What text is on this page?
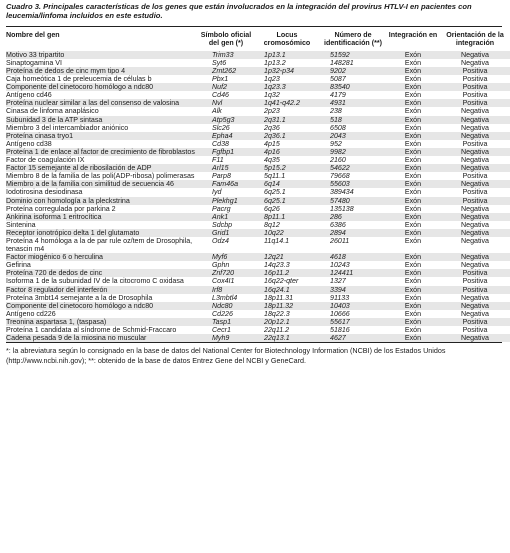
Cuadro 3. Principales características de los genes que están involucrados en la integración del provirus HTLV-I en pacientes con leucemia/linfoma incluidos en este estudio.

Nombre del gen	Símbolo oficial del gen (*)	Locus cromosómico	Número de identificación (**)	Integración en	Orientación de la integración
Motivo 33 tripartito	Trim33	1p13.1	51592	Exón	Negativa
Sinaptogamina VI	Syt6	1p13.2	148281	Exón	Negativa
Proteína de dedos de cinc mym tipo 4	Zmt262	1p32-p34	9202	Exón	Positiva
Caja homeótica 1 de preleucemia de células b	Pbx1	1q23	5087	Exón	Positiva
Componente del cinetocoro homólogo a ndc80	Nuf2	1q23.3	83540	Exón	Positiva
Antígeno cd46	Cd46	1q32	4179	Exón	Positiva
Proteína nuclear similar a las del consenso de valosina	Nvl	1q41-q42.2	4931	Exón	Positiva
Cinasa de linfoma anaplásico	Alk	2p23	238	Exón	Negativa
Subunidad 3 de la ATP sintasa	Atp5g3	2q31.1	518	Exón	Negativa
Miembro 3 del intercambiador aniónico	Slc26	2q36	6508	Exón	Negativa
Proteína cinasa tryo1	Epha4	2q36.1	2043	Exón	Negativa
Antígeno cd38	Cd38	4p15	952	Exón	Positiva
Proteína 1 de enlace al factor de crecimiento de fibroblastos	Fgfbp1	4p16	9982	Exón	Negativa
Factor de coagulación IX	F11	4q35	2160	Exón	Negativa
Factor 15 semejante al de ribosilación de ADP	Arl15	5p15.2	54622	Exón	Negativa
Miembro 8 de la familia de las poli(ADP-ribosa) polimerasas	Parp8	5q11.1	79668	Exón	Positiva
Miembro a de la familia con similitud de secuencia 46	Fam46a	6q14	55603	Exón	Negativa
Iodotirosina desiodinasa	Iyd	6q25.1	389434	Exón	Positiva
Dominio con homología a la pleckstrina	Plekhg1	6q25.1	57480	Exón	Positiva
Proteína corregulada por parkina 2	Pacrg	6q26	135138	Exón	Negativa
Ankirina isoforma 1 eritrocítica	Ank1	8p11.1	286	Exón	Negativa
Sintenina	Sdcbp	8q12	6386	Exón	Negativa
Receptor ionotrópico delta 1 del glutamato	Grid1	10q22	2894	Exón	Negativa
Proteína 4 homóloga a la de par rule oz/tem de Drosophila, tenascin m4	Odz4	11q14.1	26011	Exón	Negativa
Factor miogénico 6 o herculina	Myf6	12q21	4618	Exón	Negativa
Gefirina	Gphn	14q23.3	10243	Exón	Negativa
Proteína 720 de dedos de cinc	Znf720	16p11.2	124411	Exón	Positiva
Isoforma 1 de la subunidad IV de la citocromo C oxidasa	Cox4I1	16q22-qter	1327	Exón	Positiva
Factor 8 regulador del interferón	Irf8	16q24.1	3394	Exón	Positiva
Proteína 3mbt14 semejante a la de Drosophila	L3mbtl4	18p11.31	91133	Exón	Negativa
Componente del cinetocoro homólogo a ndc80	Ndc80	18p11.32	10403	Exón	Negativa
Antígeno cd226	Cd226	18q22.3	10666	Exón	Negativa
Treonina aspartasa 1, (taspasa)	Tasp1	20p12.1	55617	Exón	Positiva
Proteína 1 candidata al síndrome de Schmid-Fraccaro	Cecr1	22q11.2	51816	Exón	Positiva
Cadena pesada 9 de la miosina no muscular	Myh9	22q13.1	4627	Exón	Negativa
*: la abreviatura según lo consignado en la base de datos del National Center for Biotechnology Information (NCBI) de los Estados Unidos (http://www.ncbi.nih.gov); **: obtenido de la base de datos Entrez Gene del NCBI y GeneCard.
